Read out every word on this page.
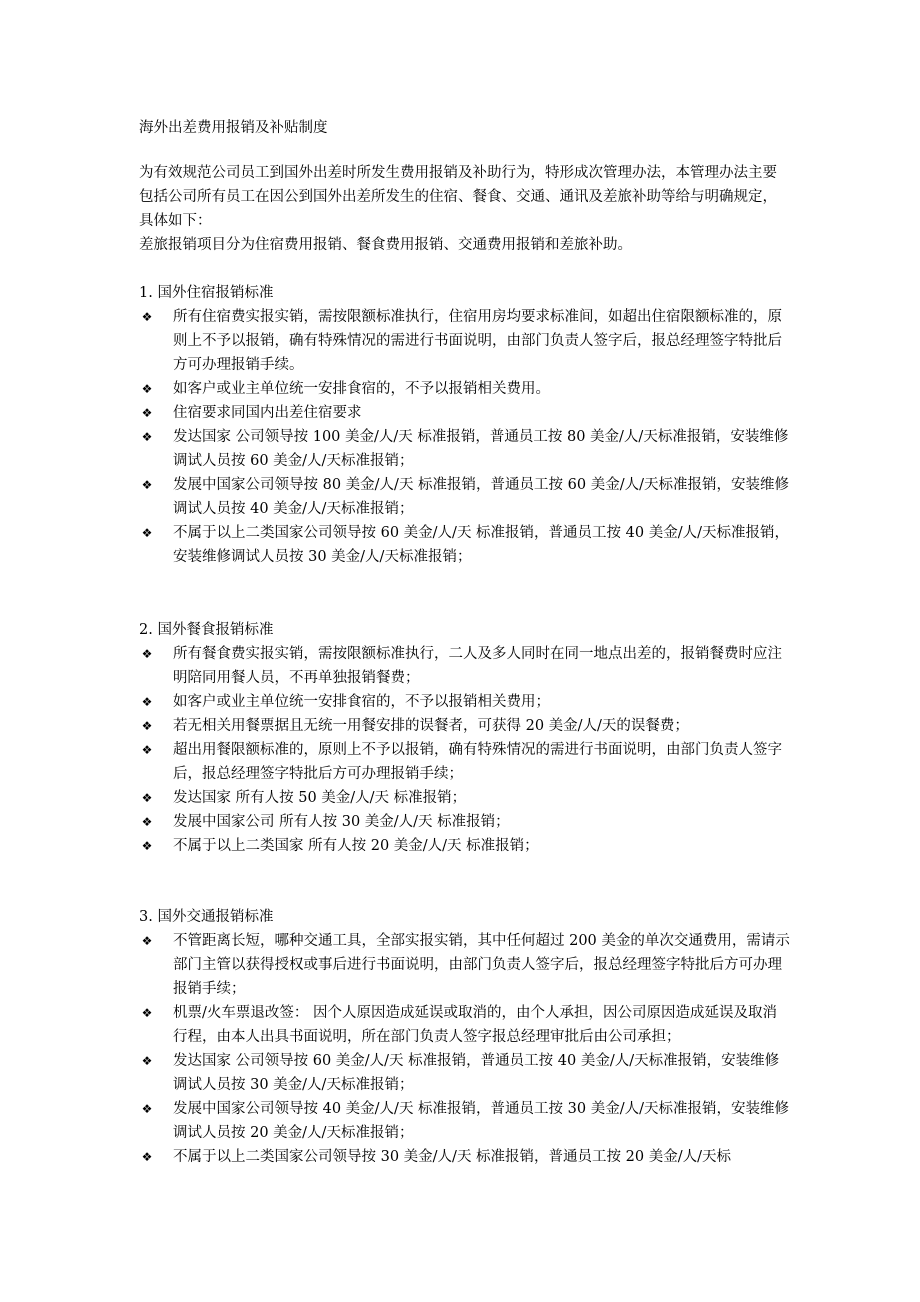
海外出差费用报销及补贴制度

为有效规范公司员工到国外出差时所发生费用报销及补助行为，特形成次管理办法，本管理办法主要包括公司所有员工在因公到国外出差所发生的住宿、餐食、交通、通讯及差旅补助等给与明确规定，具体如下：

差旅报销项目分为住宿费用报销、餐食费用报销、交通费用报销和差旅补助。

1. 国外住宿报销标准
❖ 所有住宿费实报实销，需按限额标准执行，住宿用房均要求标准间，如超出住宿限额标准的，原则上不予以报销，确有特殊情况的需进行书面说明，由部门负责人签字后，报总经理签字特批后方可办理报销手续。
❖ 如客户或业主单位统一安排食宿的，不予以报销相关费用。
❖ 住宿要求同国内出差住宿要求
❖ 发达国家 公司领导按 100 美金/人/天 标准报销，普通员工按 80 美金/人/天标准报销，安装维修调试人员按 60 美金/人/天标准报销；
❖ 发展中国家公司领导按 80 美金/人/天 标准报销，普通员工按 60 美金/人/天标准报销，安装维修调试人员按 40 美金/人/天标准报销；
❖ 不属于以上二类国家公司领导按 60 美金/人/天 标准报销，普通员工按 40 美金/人/天标准报销，安装维修调试人员按 30 美金/人/天标准报销；
2. 国外餐食报销标准
❖ 所有餐食费实报实销，需按限额标准执行，二人及多人同时在同一地点出差的，报销餐费时应注明陪同用餐人员，不再单独报销餐费；
❖ 如客户或业主单位统一安排食宿的，不予以报销相关费用；
❖ 若无相关用餐票据且无统一用餐安排的误餐者，可获得 20 美金/人/天的误餐费；
❖ 超出用餐限额标准的，原则上不予以报销，确有特殊情况的需进行书面说明，由部门负责人签字后，报总经理签字特批后方可办理报销手续；
❖ 发达国家 所有人按 50 美金/人/天 标准报销；
❖ 发展中国家公司 所有人按 30 美金/人/天 标准报销；
❖ 不属于以上二类国家 所有人按 20 美金/人/天 标准报销；
3. 国外交通报销标准
❖ 不管距离长短，哪种交通工具，全部实报实销，其中任何超过 200 美金的单次交通费用，需请示部门主管以获得授权或事后进行书面说明，由部门负责人签字后，报总经理签字特批后方可办理报销手续；
❖ 机票/火车票退改签： 因个人原因造成延误或取消的，由个人承担，因公司原因造成延误及取消行程，由本人出具书面说明，所在部门负责人签字报总经理审批后由公司承担；
❖ 发达国家 公司领导按 60 美金/人/天 标准报销，普通员工按 40 美金/人/天标准报销，安装维修调试人员按 30 美金/人/天标准报销；
❖ 发展中国家公司领导按 40 美金/人/天 标准报销，普通员工按 30 美金/人/天标准报销，安装维修调试人员按 20 美金/人/天标准报销；
❖ 不属于以上二类国家公司领导按 30 美金/人/天 标准报销，普通员工按 20 美金/人/天标
